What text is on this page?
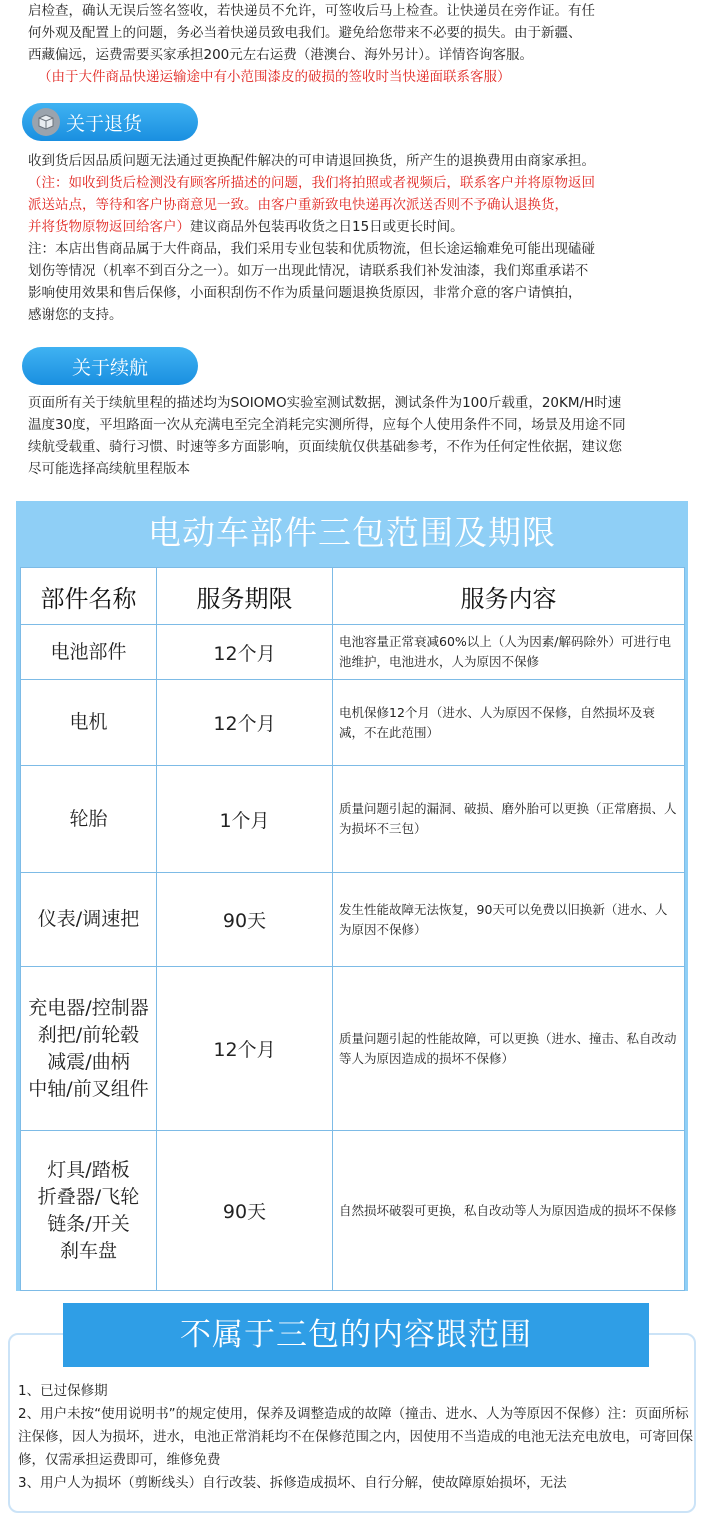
启检查，确认无误后签名签收，若快递员不允许，可签收后马上检查。让快递员在旁作证。有任
何外观及配置上的问题，务必当着快递员致电我们。避免给您带来不必要的损失。由于新疆、
西藏偏远，运费需要买家承担200元左右运费（港澳台、海外另计）。详情咨询客服。
（由于大件商品快递运输途中有小范围漆皮的破损的签收时当快递面联系客服）
关于退货
收到货后因品质问题无法通过更换配件解决的可申请退回换货，所产生的退换费用由商家承担。
（注：如收到货后检测没有顾客所描述的问题，我们将拍照或者视频后，联系客户并将原物返回
派送站点，等待和客户协商意见一致。由客户重新致电快递再次派送否则不予确认退换货，
并将货物原物返回给客户）建议商品外包装再收货之日15日或更长时间。
注：本店出售商品属于大件商品，我们采用专业包装和优质物流，但长途运输难免可能出现磕碰
划伤等情况（机率不到百分之一）。如万一出现此情况，请联系我们补发油漆，我们郑重承诺不
影响使用效果和售后保修，小面积刮伤不作为质量问题退换货原因，非常介意的客户请慎拍，
感谢您的支持。
关于续航
页面所有关于续航里程的描述均为SOIOMO实验室测试数据，测试条件为100斤载重，20KM/H时速
温度30度，平坦路面一次从充满电至完全消耗完实测所得，应每个人使用条件不同，场景及用途不同
续航受载重、骑行习惯、时速等多方面影响，页面续航仅供基础参考，不作为任何定性依据，建议您
尽可能选择高续航里程版本
电动车部件三包范围及期限
部件名称	服务期限	服务内容

电池部件	12个月	电池容量正常衰减60%以上（人为因素/解码除外）可进行电池维护，电池进水，人为原因不保修

电机	12个月	电机保修12个月（进水、人为原因不保修，自然损坏及衰减，不在此范围）

轮胎	1个月	质量问题引起的漏洞、破损、磨外胎可以更换（正常磨损、人为损坏不三包）

仪表/调速把	90天	发生性能故障无法恢复，90天可以免费以旧换新（进水、人为原因不保修）

充电器/控制器
刹把/前轮毂
减震/曲柄
中轴/前叉组件	12个月	质量问题引起的性能故障，可以更换（进水、撞击、私自改动等人为原因造成的损坏不保修）

灯具/踏板
折叠器/飞轮
链条/开关
刹车盘	90天	自然损坏破裂可更换，私自改动等人为原因造成的损坏不保修
不属于三包的内容跟范围

1、已过保修期

2、用户未按“使用说明书”的规定使用，保养及调整造成的故障（撞击、进水、人为等原因不保修）注：页面所标注保修，因人为损坏，进水，电池正常消耗均不在保修范围之内，因使用不当造成的电池无法充电放电，可寄回保修，仅需承担运费即可，维修免费

3、用户人为损坏（剪断线头）自行改装、拆修造成损坏、自行分解，使故障原始损坏，无法
